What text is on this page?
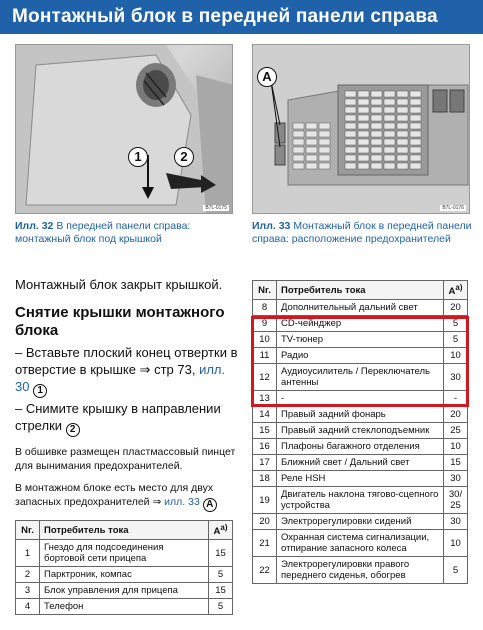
Монтажный блок в передней панели справа
1	2
B7L-0175
A
B7L-0176
Илл. 32 В передней панели справа: монтажный блок под крышкой
Илл. 33 Монтажный блок в передней панели справа: расположение предохранителей
Монтажный блок закрыт крышкой.
Снятие крышки монтажного блока
– Вставьте плоский конец отвертки в отверстие в крышке ⇒ стр 73, илл. 30 1
– Снимите крышку в направлении стрелки 2
В обшивке размещен пластмассовый пинцет для вынимания предохранителей.
В монтажном блоке есть место для двух запасных предохранителей ⇒ илл. 33 A
Nr.	Потребитель тока	$A^{a)}$
1	Гнездо для подсоединения бортовой сети прицепа	15
2	Парктроник, компас	5
3	Блок управления для прицепа	15
4	Телефон	5
Nr.	Потребитель тока	$A^{a)}$
8	Дополнительный дальний свет	20
9	CD-чейнджер	5
10	TV-тюнер	5
11	Радио	10
12	Аудиоусилитель / Переключатель антенны	30
13	-	-
14	Правый задний фонарь	20
15	Правый задний стеклоподъемник	25
16	Плафоны багажного отделения	10
17	Ближний свет / Дальний свет	15
18	Реле HSH	30
19	Двигатель наклона тягово-сцепного устройства	30/ 25
20	Электрорегулировки сидений	30
21	Охранная система сигнализации, отпирание запасного колеса	10
22	Электрорегулировки правого переднего сиденья, обогрев	5
